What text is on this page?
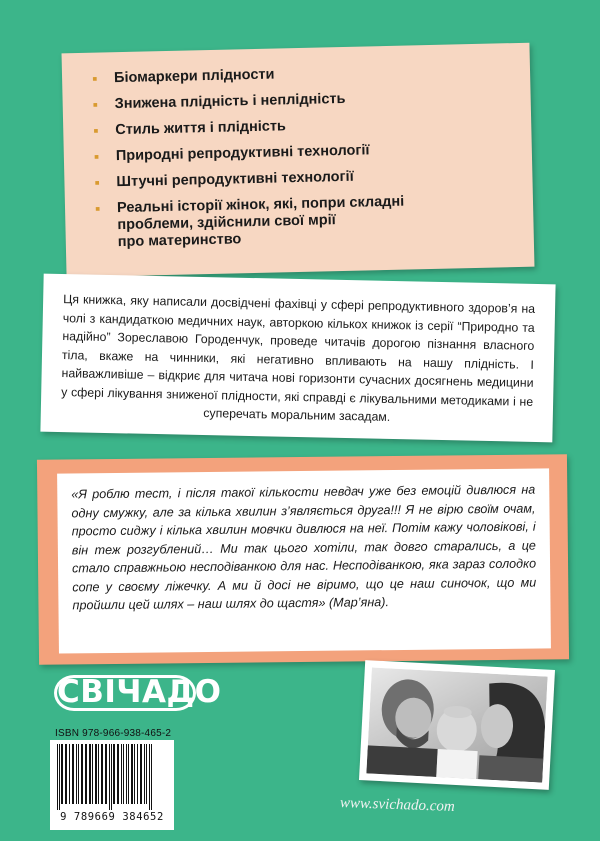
▪	Біомаркери плідности
▪	Знижена плідність і неплідність
▪	Стиль життя і плідність
▪	Природні репродуктивні технології
▪	Штучні репродуктивні технології
▪	Реальні історії жінок, які, попри складні
проблеми, здійснили свої мрії
про материнство
Ця книжка, яку написали досвідчені фахівці у сфері репродуктивного здоров’я на чолі з кандидаткою медичних наук, авторкою кількох книжок із серії “Природно та надійно” Зореславою Городенчук, проведе читачів дорогою пізнання власного тіла, вкаже на чинники, які негативно впливають на нашу плідність. І найважливіше – відкриє для читача нові горизонти сучасних досягнень медицини у сфері лікування зниженої плідности, які справді є лікувальними методиками і не суперечать моральним засадам.
«Я роблю тест, і після такої кількости невдач уже без емоцій дивлюся на одну смужку, але за кілька хвилин з’являється друга!!! Я не вірю своїм очам, просто сиджу і кілька хвилин мовчки дивлюся на неї. Потім кажу чоловікові, і він теж розгублений… Ми так цього хотіли, так довго старались, а це стало справжньою несподіванкою для нас. Несподіванкою, яка зараз солодко сопе у своєму ліжечку. А ми й досі не віримо, що це наш синочок, що ми пройшли цей шлях – наш шлях до щастя» (Мар’яна).
СВІЧАДО
ISBN 978-966-938-465-2
9 789669 384652
www.svichado.com
